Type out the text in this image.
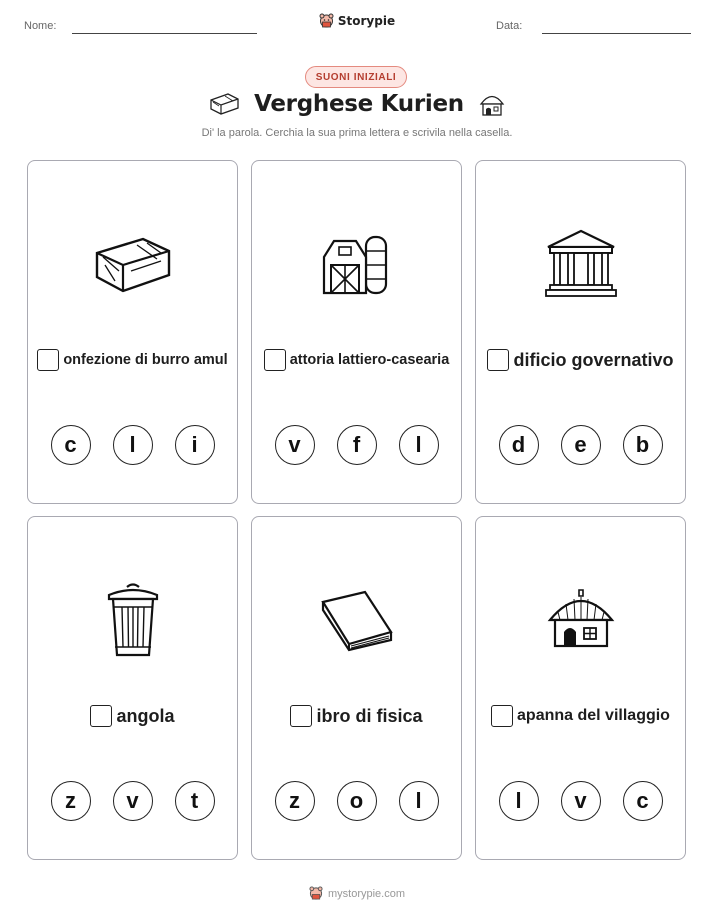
Nome:	Storypie	Data:
SUONI INIZIALI
Verghese Kurien
Di' la parola. Cerchia la sua prima lettera e scrivila nella casella.
onfezione di burro amul
c	l	i
attoria lattiero-casearia
v	f	l
dificio governativo
d	e	b
angola
z	v	t
ibro di fisica
z	o	l
apanna del villaggio
l	v	c
mystorypie.com
